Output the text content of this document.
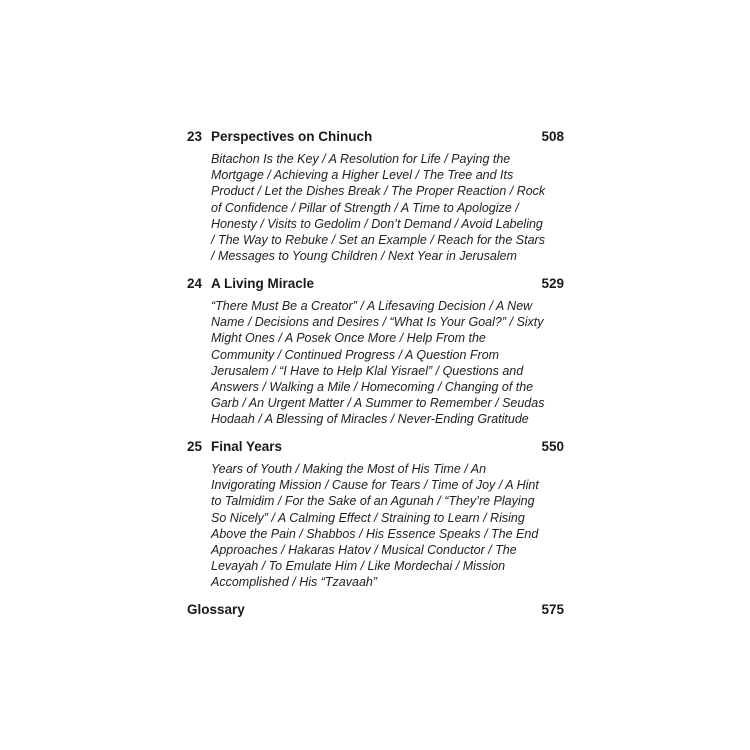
23 Perspectives on Chinuch	508
Bitachon Is the Key / A Resolution for Life / Paying the Mortgage / Achieving a Higher Level / The Tree and Its Product / Let the Dishes Break / The Proper Reaction / Rock of Confidence / Pillar of Strength / A Time to Apologize / Honesty / Visits to Gedolim / Don’t Demand / Avoid Labeling / The Way to Rebuke / Set an Example / Reach for the Stars / Messages to Young Children / Next Year in Jerusalem
24 A Living Miracle	529
“There Must Be a Creator” / A Lifesaving Decision / A New Name / Decisions and Desires / “What Is Your Goal?” / Sixty Might Ones / A Posek Once More / Help From the Community / Continued Progress / A Question From Jerusalem / “I Have to Help Klal Yisrael” / Questions and Answers / Walking a Mile / Homecoming / Changing of the Garb / An Urgent Matter / A Summer to Remember / Seudas Hodaah / A Blessing of Miracles / Never-Ending Gratitude
25 Final Years	550
Years of Youth / Making the Most of His Time / An Invigorating Mission / Cause for Tears / Time of Joy / A Hint to Talmidim / For the Sake of an Agunah / “They’re Playing So Nicely” / A Calming Effect / Straining to Learn / Rising Above the Pain / Shabbos / His Essence Speaks / The End Approaches / Hakaras Hatov / Musical Conductor / The Levayah / To Emulate Him / Like Mordechai / Mission Accomplished / His “Tzavaah”
Glossary	575
